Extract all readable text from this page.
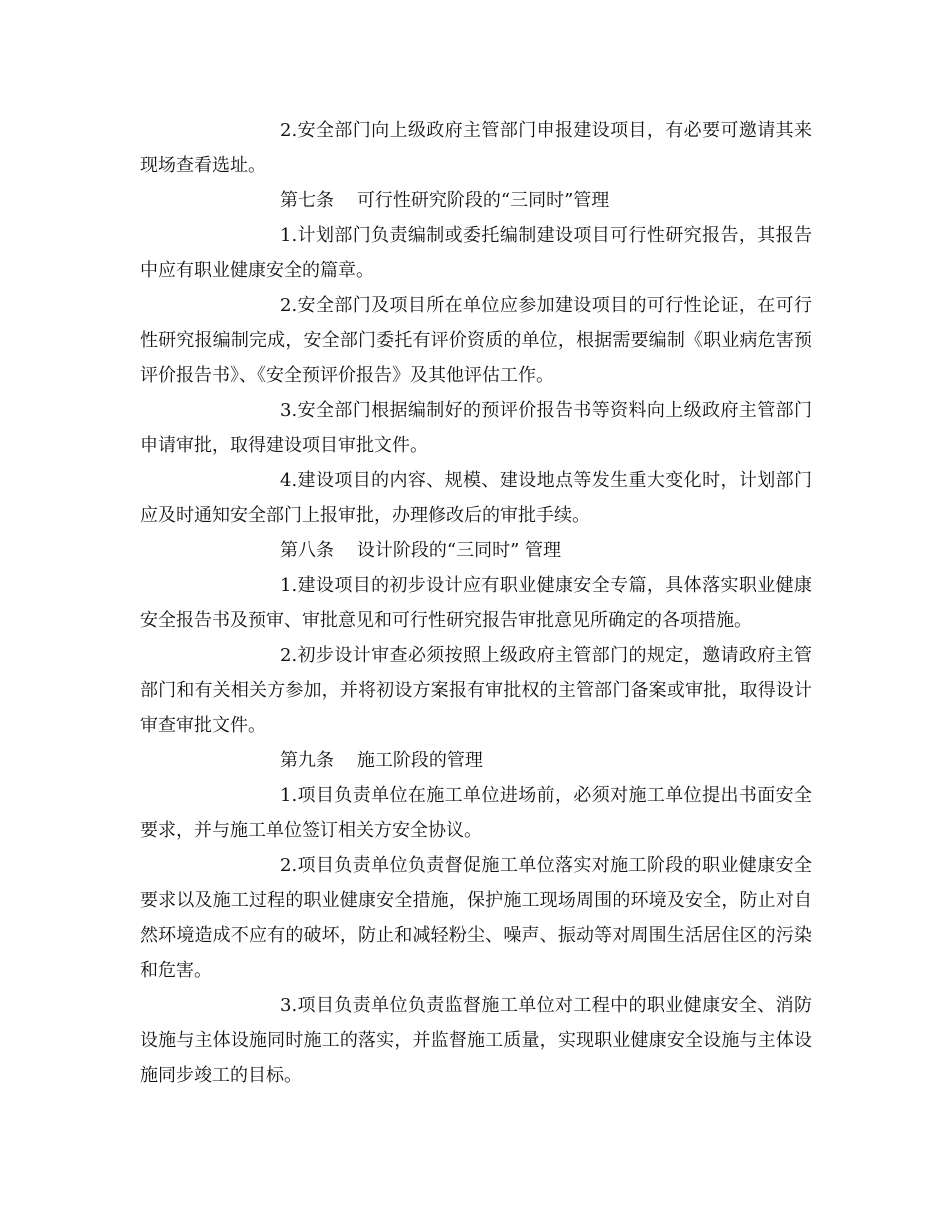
2.安全部门向上级政府主管部门申报建设项目，有必要可邀请其来现场查看选址。

第七条    可行性研究阶段的“三同时”管理

1.计划部门负责编制或委托编制建设项目可行性研究报告，其报告中应有职业健康安全的篇章。

2.安全部门及项目所在单位应参加建设项目的可行性论证，在可行性研究报编制完成，安全部门委托有评价资质的单位，根据需要编制《职业病危害预评价报告书》、《安全预评价报告》及其他评估工作。

3.安全部门根据编制好的预评价报告书等资料向上级政府主管部门申请审批，取得建设项目审批文件。

4.建设项目的内容、规模、建设地点等发生重大变化时，计划部门应及时通知安全部门上报审批，办理修改后的审批手续。

第八条    设计阶段的“三同时” 管理

1.建设项目的初步设计应有职业健康安全专篇，具体落实职业健康安全报告书及预审、审批意见和可行性研究报告审批意见所确定的各项措施。

2.初步设计审查必须按照上级政府主管部门的规定，邀请政府主管部门和有关相关方参加，并将初设方案报有审批权的主管部门备案或审批，取得设计审查审批文件。

第九条    施工阶段的管理

1.项目负责单位在施工单位进场前，必须对施工单位提出书面安全要求，并与施工单位签订相关方安全协议。

2.项目负责单位负责督促施工单位落实对施工阶段的职业健康安全要求以及施工过程的职业健康安全措施，保护施工现场周围的环境及安全，防止对自然环境造成不应有的破坏，防止和减轻粉尘、噪声、振动等对周围生活居住区的污染和危害。

3.项目负责单位负责监督施工单位对工程中的职业健康安全、消防设施与主体设施同时施工的落实，并监督施工质量，实现职业健康安全设施与主体设施同步竣工的目标。
